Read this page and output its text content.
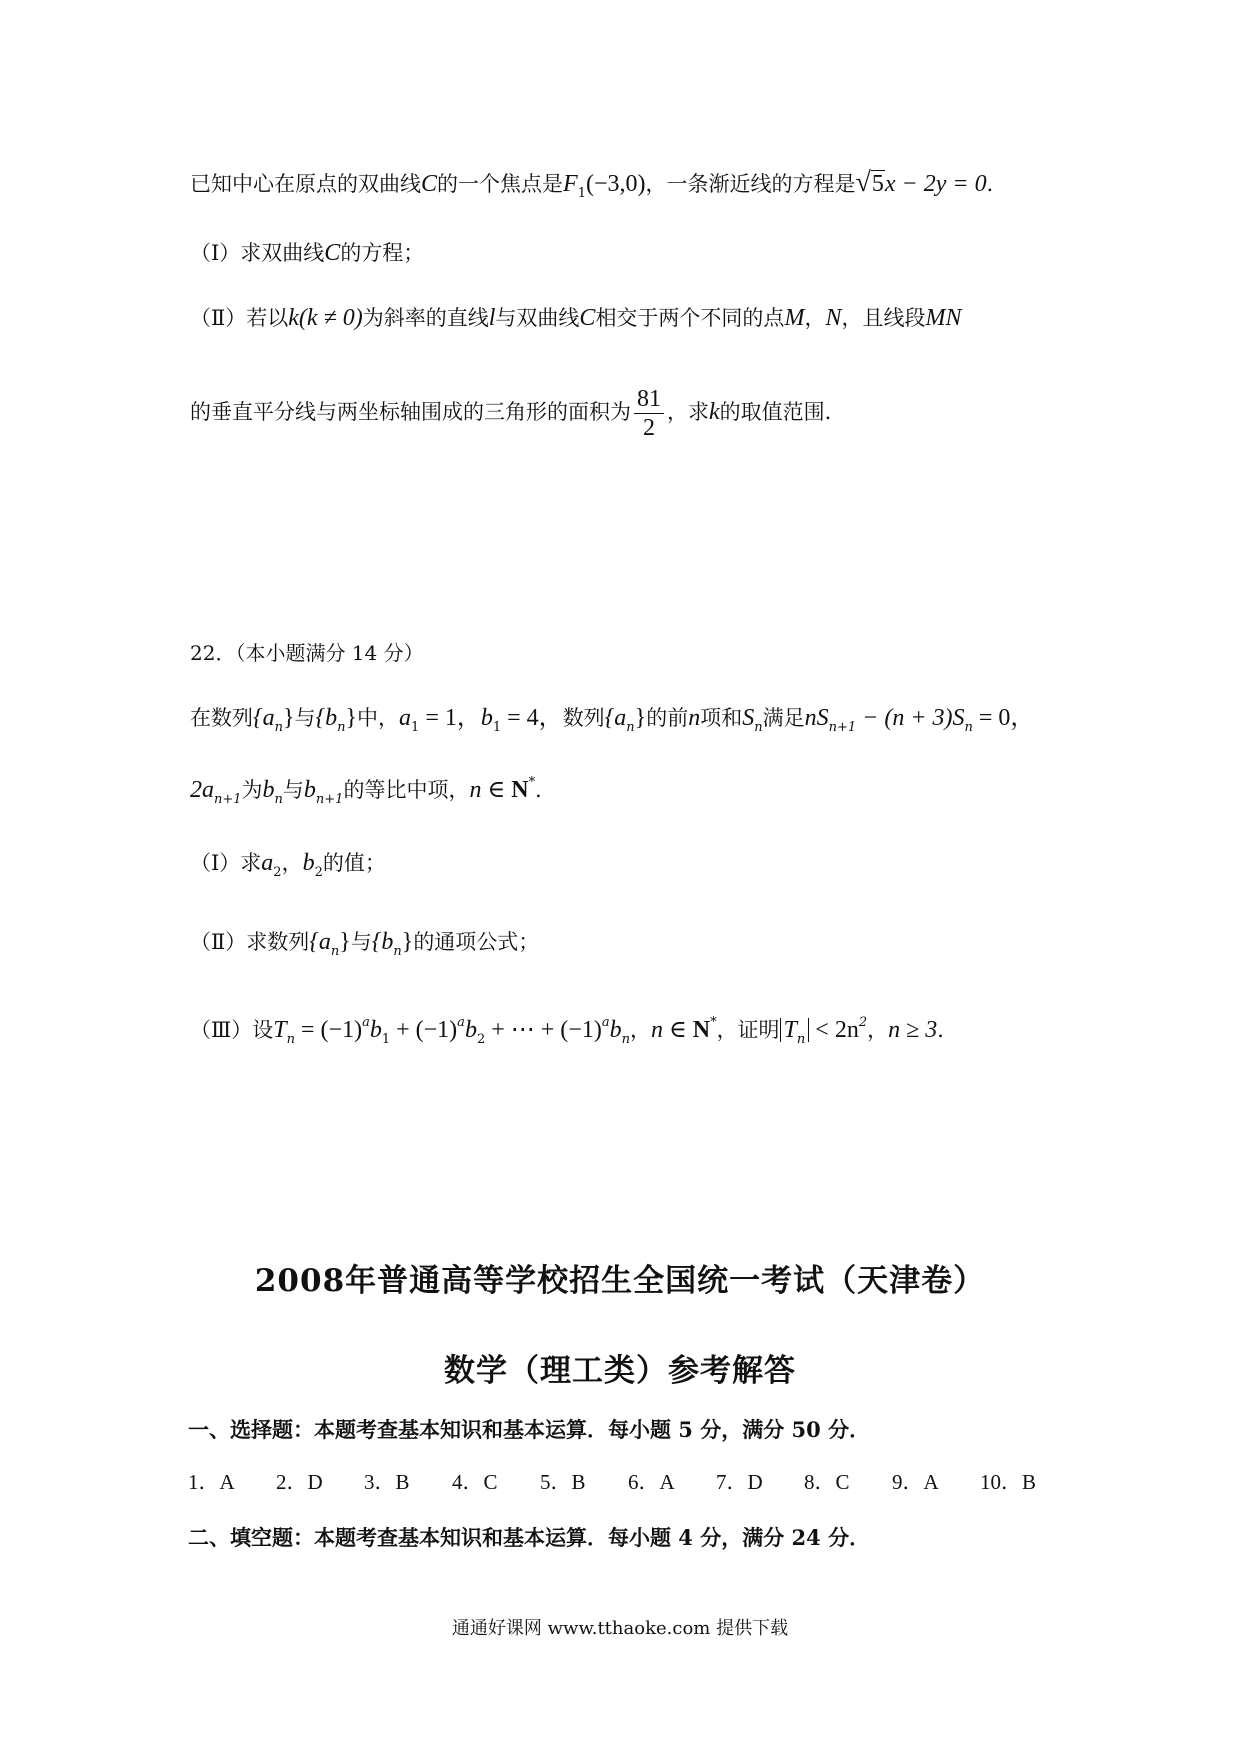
已知中心在原点的双曲线C的一个焦点是$F_1(-3,0)$，一条渐近线的方程是√5x − 2y = 0．
（Ⅰ）求双曲线C的方程；
（Ⅱ）若以k(k ≠ 0)为斜率的直线l与双曲线C相交于两个不同的点M，N，且线段MN
的垂直平分线与两坐标轴围成的三角形的面积为 $\frac{81}{2}$ ，求k的取值范围．
22．（本小题满分 14 分）
在数列$\{a_n\}$与$\{b_n\}$中，$a_1 = 1$，$b_1 = 4$，数列$\{a_n\}$的前n项和$S_n$满足$nS_{n+1} - (n + 3)S_n = 0$，
$2a_{n+1}$为$b_n$与$b_{n+1}$的等比中项，n ∈ N*．
（Ⅰ）求$a_2$，$b_2$的值；
（Ⅱ）求数列$\{a_n\}$与$\{b_n\}$的通项公式；
（Ⅲ）设$T_n = (-1)^ab_1 + (-1)^ab_2$ + ⋯ + $(-1)^ab_n$，n ∈ N*，证明 $T_n < 2n^2$，n ≥ 3．
2008年普通高等学校招生全国统一考试（天津卷）
数学（理工类）参考解答
一、选择题：本题考查基本知识和基本运算．每小题 5 分，满分 50 分．
1．A 2．D 3．B 4．C 5．B 6．A 7．D 8．C 9．A 10．B
二、填空题：本题考查基本知识和基本运算．每小题 4 分，满分 24 分．
通通好课网 www.tthaoke.com 提供下载
